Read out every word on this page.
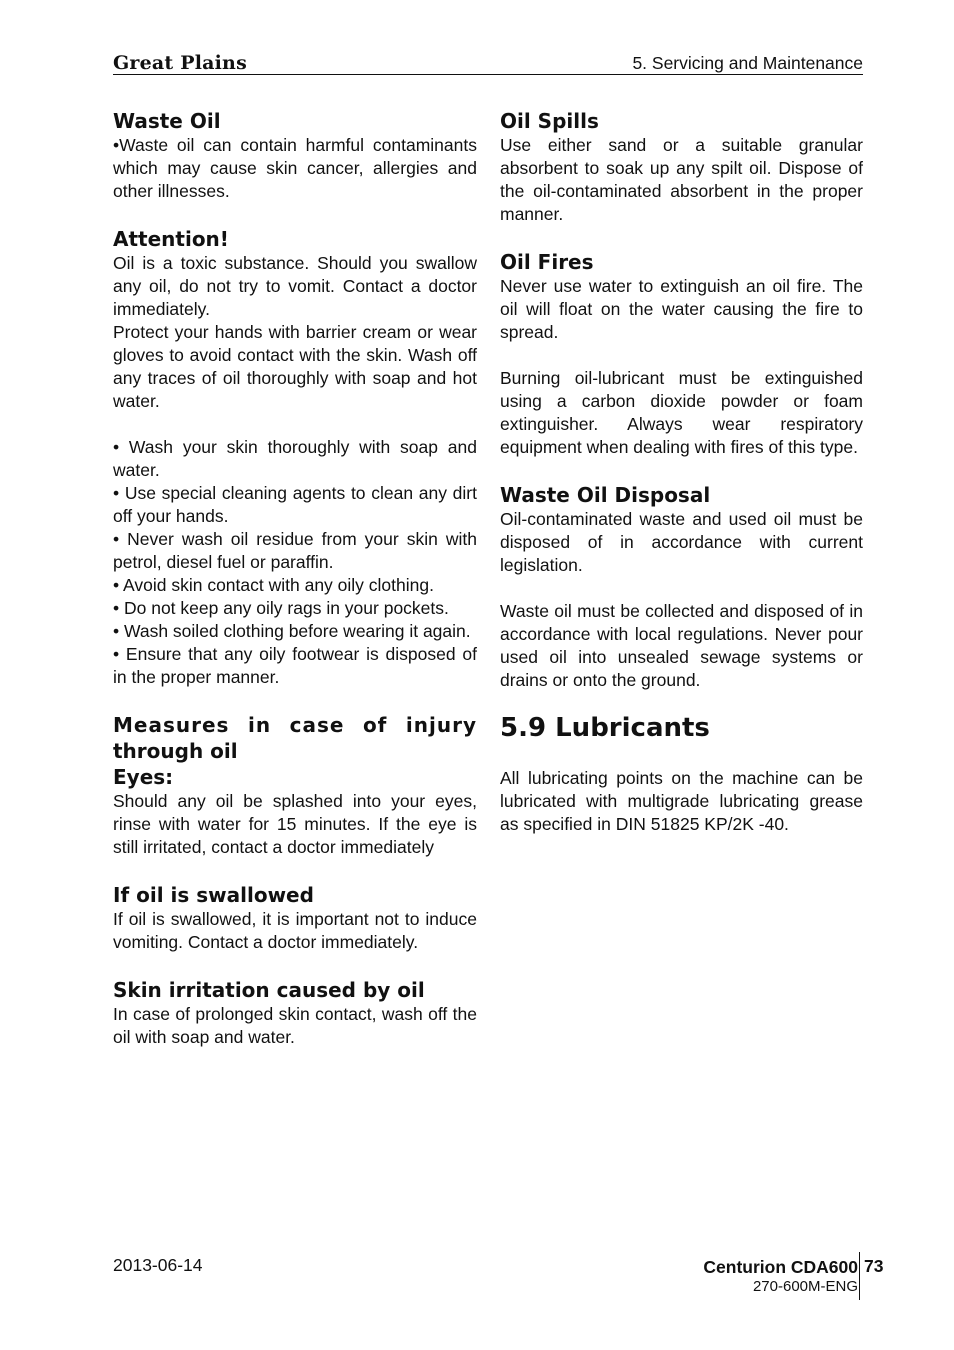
Great Plains	5. Servicing and Maintenance
Waste Oil

•Waste oil can contain harmful contaminants which may cause skin cancer, allergies and other illnesses.

Attention!

Oil is a toxic substance. Should you swallow any oil, do not try to vomit. Contact a doctor immediately.

Protect your hands with barrier cream or wear gloves to avoid contact with the skin. Wash off any traces of oil thoroughly with soap and hot water.

• Wash your skin thoroughly with soap and water.

• Use special cleaning agents to clean any dirt off your hands.

• Never wash oil residue from your skin with petrol, diesel fuel or paraffin.

• Avoid skin contact with any oily clothing.

• Do not keep any oily rags in your pockets.

• Wash soiled clothing before wearing it again.

• Ensure that any oily footwear is disposed of in the proper manner.

Measures in case of injury
through oil
Eyes:

Should any oil be splashed into your eyes, rinse with water for 15 minutes. If the eye is still irritated, contact a doctor immediately

If oil is swallowed

If oil is swallowed, it is important not to induce vomiting. Contact a doctor immediately.

Skin irritation caused by oil

In case of prolonged skin contact, wash off the oil with soap and water.

Oil Spills

Use either sand or a suitable granular absorbent to soak up any spilt oil. Dispose of the oil-contaminated absorbent in the proper manner.

Oil Fires

Never use water to extinguish an oil fire. The oil will float on the water causing the fire to spread.

Burning oil-lubricant must be extinguished using a carbon dioxide powder or foam extinguisher. Always wear respiratory equipment when dealing with fires of this type.

Waste Oil Disposal

Oil-contaminated waste and used oil must be disposed of in accordance with current legislation.

Waste oil must be collected and disposed of in accordance with local regulations. Never pour used oil into unsealed sewage systems or drains or onto the ground.

5.9 Lubricants

All lubricating points on the machine can be lubricated with multigrade lubricating grease as specified in DIN 51825 KP/2K -40.

2013-06-14	Centurion CDA600
270-600M-ENG
73
